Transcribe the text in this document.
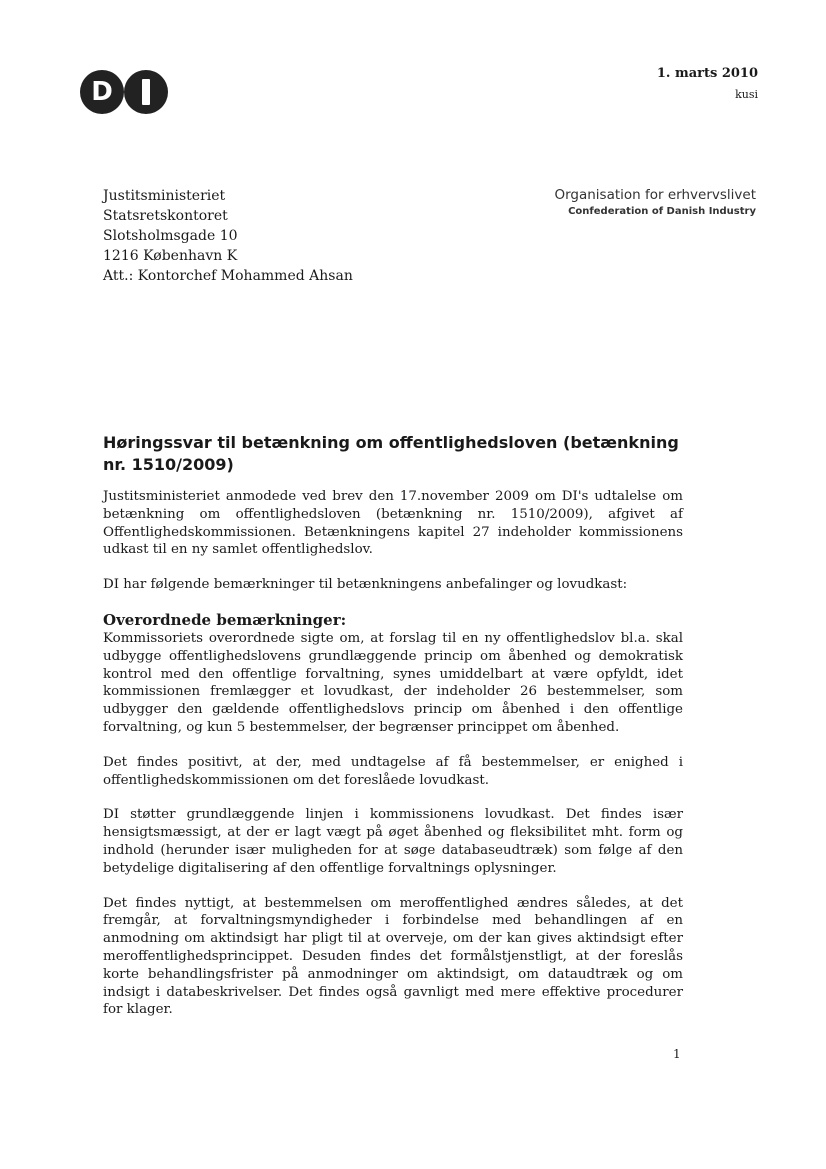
D
1. marts 2010
kusi
Justitsministeriet
Statsretskontoret
Slotsholmsgade 10
1216 København K
Att.: Kontorchef Mohammed Ahsan
Organisation for erhvervslivet
Confederation of Danish Industry
Høringssvar til betænkning om offentlighedsloven (betænkning nr. 1510/2009)

Justitsministeriet anmodede ved brev den 17.november 2009 om DI's udtalelse om betænkning om offentlighedsloven (betænkning nr. 1510/2009), afgivet af Offentlighedskommissionen. Betænkningens kapitel 27 indeholder kommissionens udkast til en ny samlet offentlighedslov.

DI har følgende bemærkninger til betænkningens anbefalinger og lovudkast:

Overordnede bemærkninger:

Kommissoriets overordnede sigte om, at forslag til en ny offentlighedslov bl.a. skal udbygge offentlighedslovens grundlæggende princip om åbenhed og demokratisk kontrol med den offentlige forvaltning, synes umiddelbart at være opfyldt, idet kommissionen fremlægger et lovudkast, der indeholder 26 bestemmelser, som udbygger den gældende offentlighedslovs princip om åbenhed i den offentlige forvaltning, og kun 5 bestemmelser, der begrænser princippet om åbenhed.

Det findes positivt, at der, med undtagelse af få bestemmelser, er enighed i offentlighedskommissionen om det foreslåede lovudkast.

DI støtter grundlæggende linjen i kommissionens lovudkast. Det findes især hensigtsmæssigt, at der er lagt vægt på øget åbenhed og fleksibilitet mht. form og indhold (herunder især muligheden for at søge databaseudtræk) som følge af den betydelige digitalisering af den offentlige forvaltnings oplysninger.

Det findes nyttigt, at bestemmelsen om meroffentlighed ændres således, at det fremgår, at forvaltningsmyndigheder i forbindelse med behandlingen af en anmodning om aktindsigt har pligt til at overveje, om der kan gives aktindsigt efter meroffentlighedsprincippet. Desuden findes det formålstjenstligt, at der foreslås korte behandlingsfrister på anmodninger om aktindsigt, om dataudtræk og om indsigt i databeskrivelser. Det findes også gavnligt med mere effektive procedurer for klager.

1
